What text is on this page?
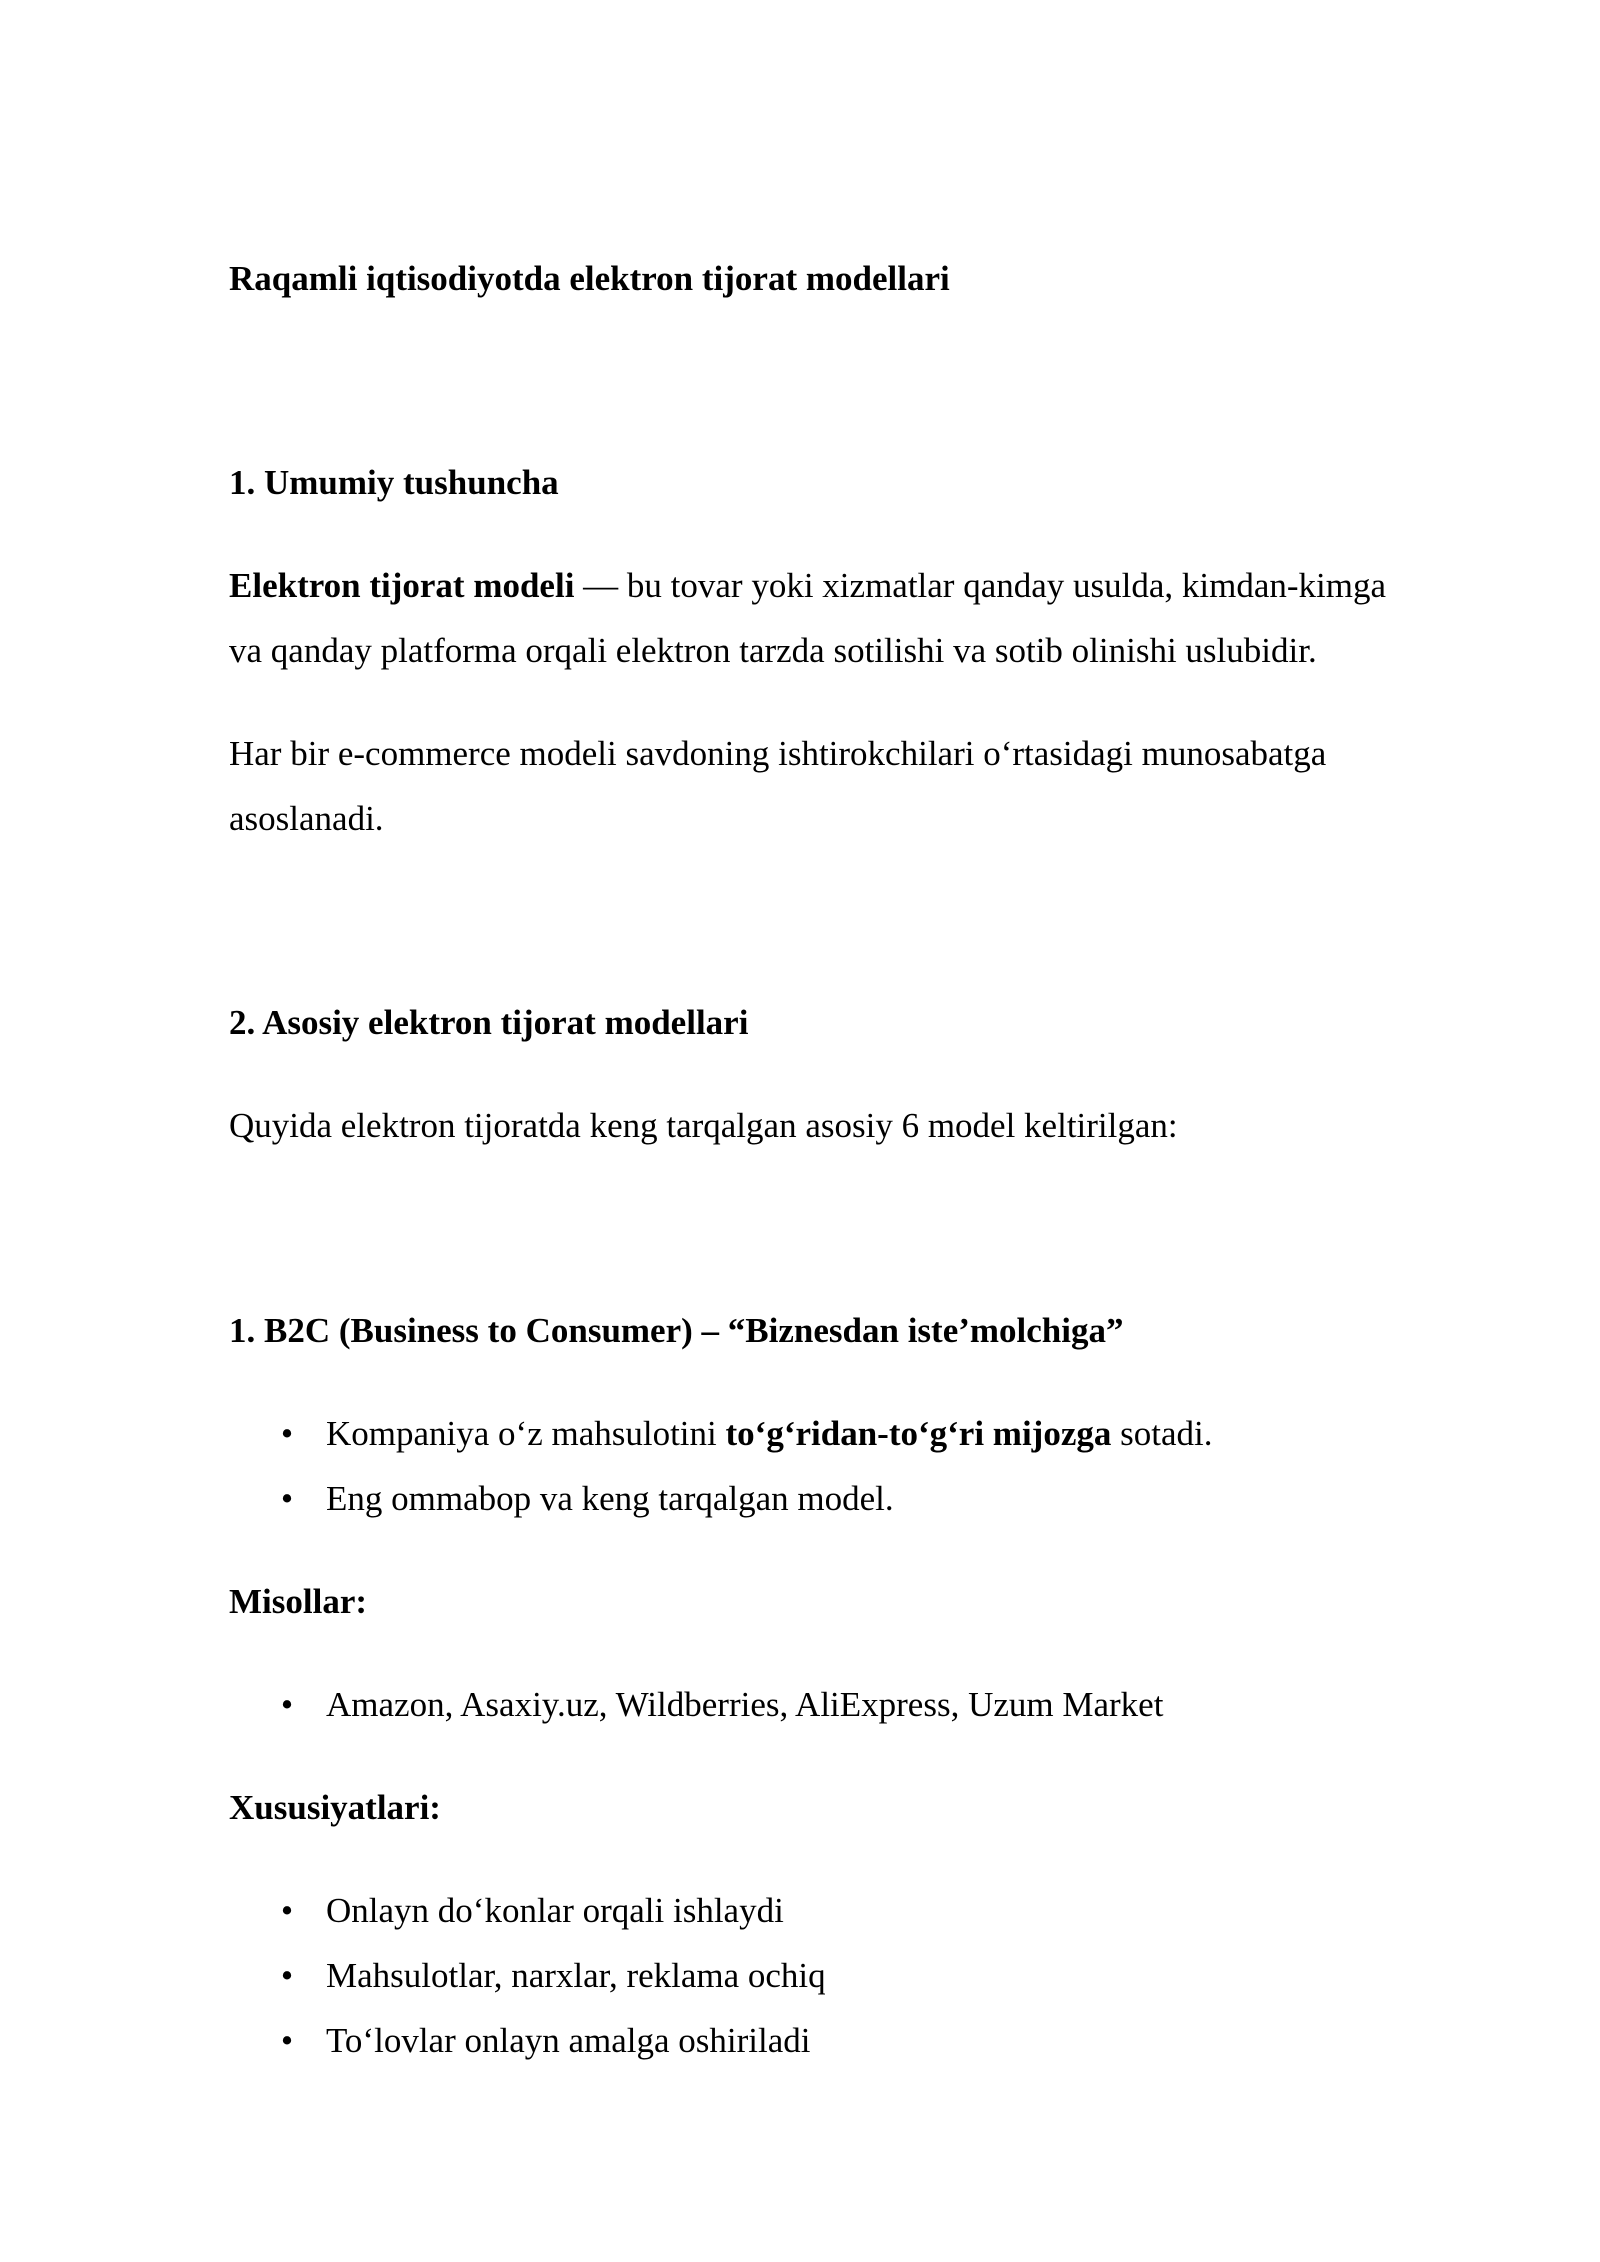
Raqamli iqtisodiyotda elektron tijorat modellari

1. Umumiy tushuncha

Elektron tijorat modeli — bu tovar yoki xizmatlar qanday usulda, kimdan-kimga

va qanday platforma orqali elektron tarzda sotilishi va sotib olinishi uslubidir.

Har bir e-commerce modeli savdoning ishtirokchilari o‘rtasidagi munosabatga

asoslanadi.

2. Asosiy elektron tijorat modellari

Quyida elektron tijoratda keng tarqalgan asosiy 6 model keltirilgan:

1. B2C (Business to Consumer) – “Biznesdan iste’molchiga”

• Kompaniya o‘z mahsulotini to‘g‘ridan-to‘g‘ri mijozga sotadi.
• Eng ommabop va keng tarqalgan model.

Misollar:

• Amazon, Asaxiy.uz, Wildberries, AliExpress, Uzum Market

Xususiyatlari:

• Onlayn do‘konlar orqali ishlaydi
• Mahsulotlar, narxlar, reklama ochiq
• To‘lovlar onlayn amalga oshiriladi
